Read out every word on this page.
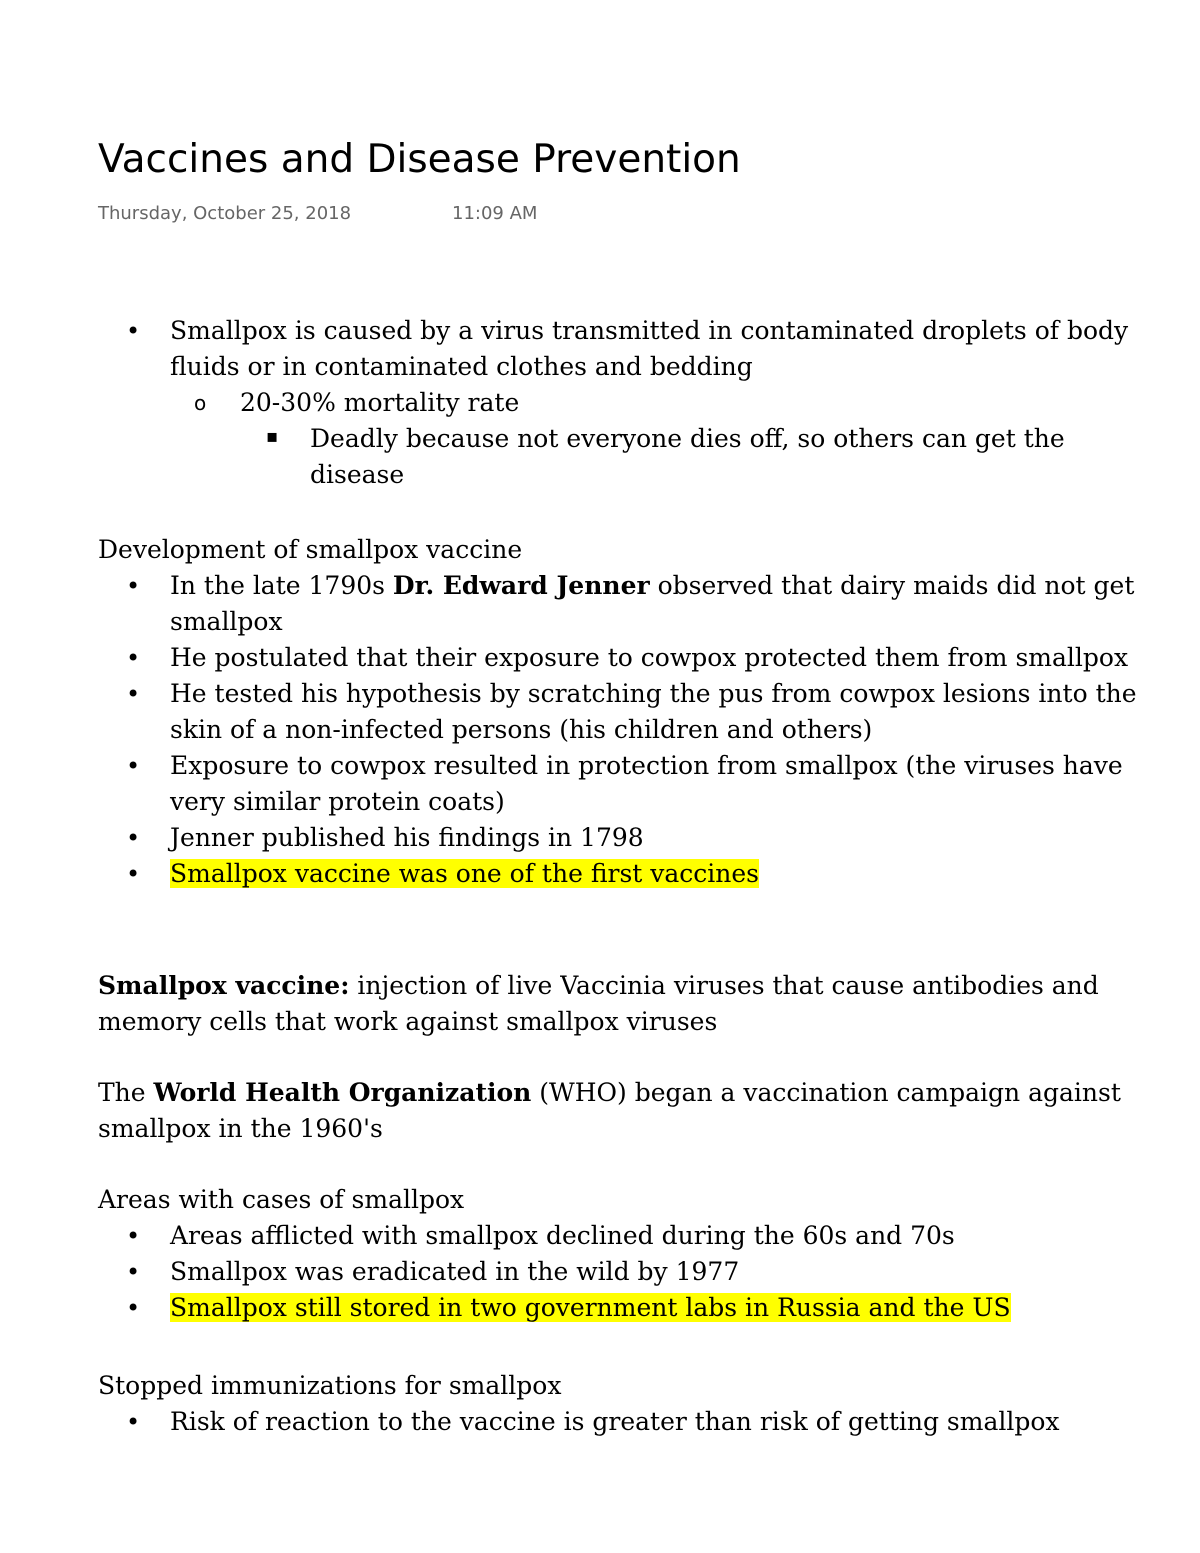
Vaccines and Disease Prevention
Thursday, October 25, 2018	11:09 AM
• Smallpox is caused by a virus transmitted in contaminated droplets of body fluids or in contaminated clothes and bedding
o 20-30% mortality rate
▪ Deadly because not everyone dies off, so others can get the disease

Development of smallpox vaccine

• In the late 1790s Dr. Edward Jenner observed that dairy maids did not get smallpox
• He postulated that their exposure to cowpox protected them from smallpox
• He tested his hypothesis by scratching the pus from cowpox lesions into the skin of a non-infected persons (his children and others)
• Exposure to cowpox resulted in protection from smallpox (the viruses have very similar protein coats)
• Jenner published his findings in 1798
• Smallpox vaccine was one of the first vaccines

Smallpox vaccine: injection of live Vaccinia viruses that cause antibodies and memory cells that work against smallpox viruses

The World Health Organization (WHO) began a vaccination campaign against smallpox in the 1960's

Areas with cases of smallpox

• Areas afflicted with smallpox declined during the 60s and 70s
• Smallpox was eradicated in the wild by 1977
• Smallpox still stored in two government labs in Russia and the US

Stopped immunizations for smallpox

• Risk of reaction to the vaccine is greater than risk of getting smallpox
